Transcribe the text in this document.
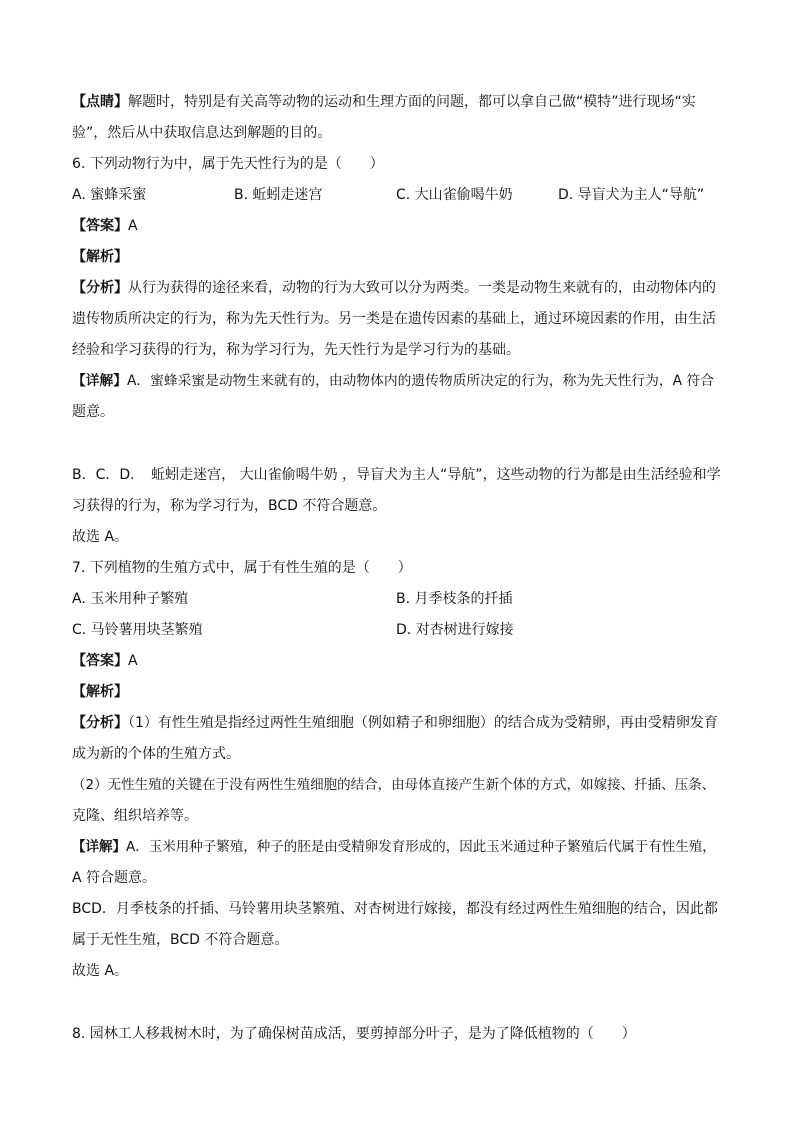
【点睛】解题时，特别是有关高等动物的运动和生理方面的问题，都可以拿自己做“模特”进行现场“实
验”，然后从中获取信息达到解题的目的。
6. 下列动物行为中，属于先天性行为的是（　　）
A. 蜜蜂采蜜	B. 蚯蚓走迷宫	C. 大山雀偷喝牛奶	D. 导盲犬为主人“导航”
【答案】A
【解析】
【分析】从行为获得的途径来看，动物的行为大致可以分为两类。一类是动物生来就有的，由动物体内的
遗传物质所决定的行为，称为先天性行为。另一类是在遗传因素的基础上，通过环境因素的作用，由生活
经验和学习获得的行为，称为学习行为，先天性行为是学习行为的基础。
【详解】A．蜜蜂采蜜是动物生来就有的，由动物体内的遗传物质所决定的行为，称为先天性行为，A 符合
题意。
B．C．D．　蚯蚓走迷宫， 大山雀偷喝牛奶 ，导盲犬为主人“导航”，这些动物的行为都是由生活经验和学
习获得的行为，称为学习行为，BCD 不符合题意。
故选 A。
7. 下列植物的生殖方式中，属于有性生殖的是（　　）
A. 玉米用种子繁殖	B. 月季枝条的扦插
C. 马铃薯用块茎繁殖	D. 对杏树进行嫁接
【答案】A
【解析】
【分析】（1）有性生殖是指经过两性生殖细胞（例如精子和卵细胞）的结合成为受精卵，再由受精卵发育
成为新的个体的生殖方式。
（2）无性生殖的关键在于没有两性生殖细胞的结合，由母体直接产生新个体的方式，如嫁接、扦插、压条、
克隆、组织培养等。
【详解】A．玉米用种子繁殖，种子的胚是由受精卵发育形成的，因此玉米通过种子繁殖后代属于有性生殖，
A 符合题意。
BCD．月季枝条的扦插、马铃薯用块茎繁殖、对杏树进行嫁接，都没有经过两性生殖细胞的结合，因此都
属于无性生殖，BCD 不符合题意。
故选 A。
8. 园林工人移栽树木时，为了确保树苗成活，要剪掉部分叶子，是为了降低植物的（　　）
